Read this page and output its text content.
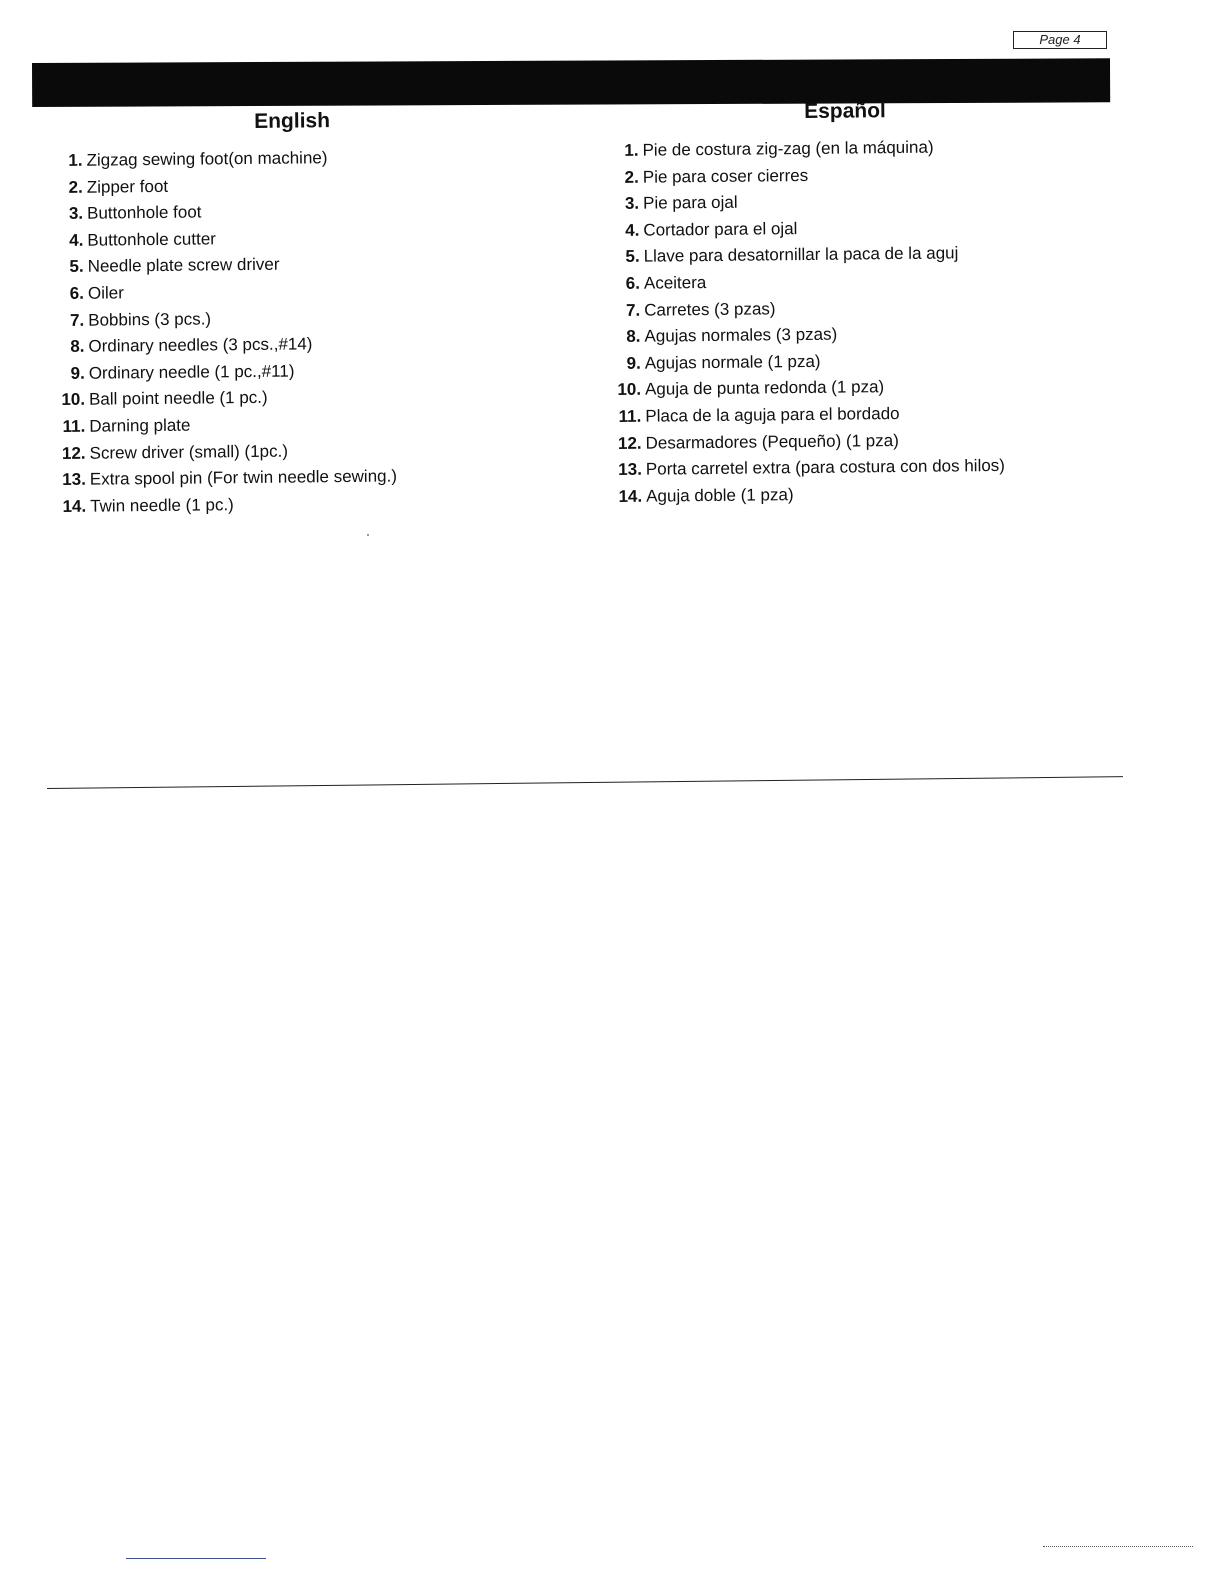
Page 4
English
1. Zigzag sewing foot(on machine)
2. Zipper foot
3. Buttonhole foot
4. Buttonhole cutter
5. Needle plate screw driver
6. Oiler
7. Bobbins (3 pcs.)
8. Ordinary needles (3 pcs.,#14)
9. Ordinary needle (1 pc.,#11)
10. Ball point needle (1 pc.)
11. Darning plate
12. Screw driver (small) (1pc.)
13. Extra spool pin (For twin needle sewing.)
14. Twin needle (1 pc.)
Español
1. Pie de costura zig-zag (en la máquina)
2. Pie para coser cierres
3. Pie para ojal
4. Cortador para el ojal
5. Llave para desatornillar la paca de la aguj
6. Aceitera
7. Carretes (3 pzas)
8. Agujas normales (3 pzas)
9. Agujas normale (1 pza)
10. Aguja de punta redonda (1 pza)
11. Placa de la aguja para el bordado
12. Desarmadores (Pequeño) (1 pza)
13. Porta carretel extra (para costura con dos hilos)
14. Aguja doble (1 pza)
